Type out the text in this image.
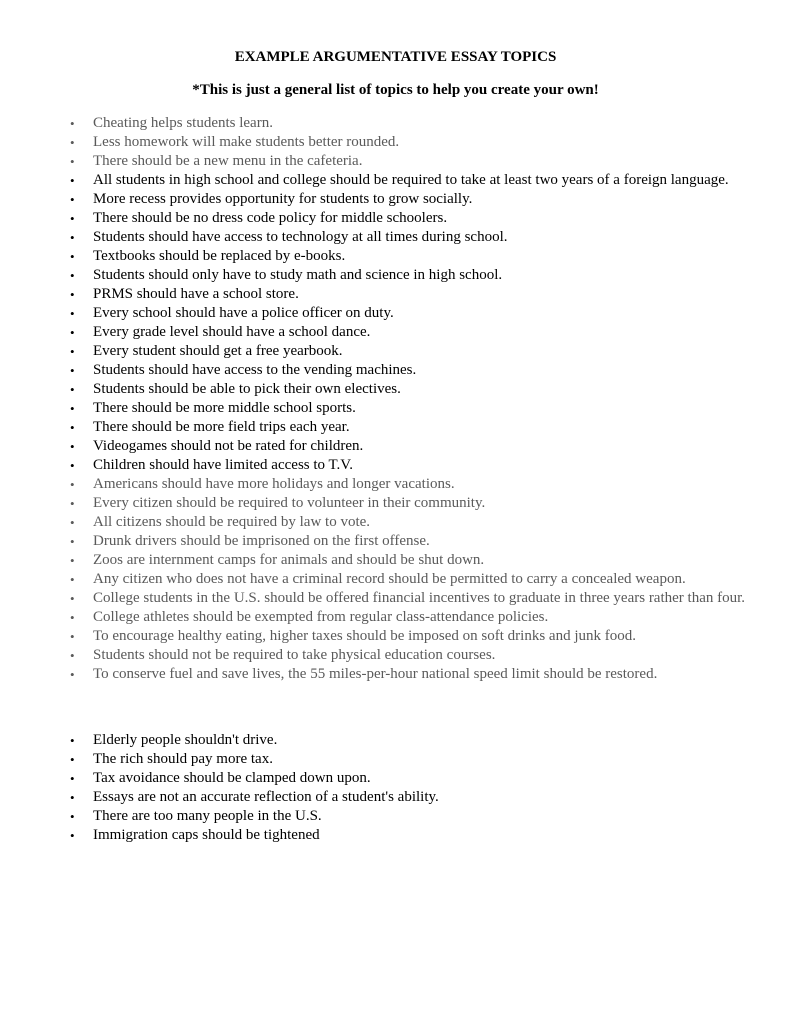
EXAMPLE ARGUMENTATIVE ESSAY TOPICS
*This is just a general list of topics to help you create your own!
• Cheating helps students learn.
• Less homework will make students better rounded.
• There should be a new menu in the cafeteria.
• All students in high school and college should be required to take at least two years of a foreign language.
• More recess provides opportunity for students to grow socially.
• There should be no dress code policy for middle schoolers.
• Students should have access to technology at all times during school.
• Textbooks should be replaced by e-books.
• Students should only have to study math and science in high school.
• PRMS should have a school store.
• Every school should have a police officer on duty.
• Every grade level should have a school dance.
• Every student should get a free yearbook.
• Students should have access to the vending machines.
• Students should be able to pick their own electives.
• There should be more middle school sports.
• There should be more field trips each year.
• Videogames should not be rated for children.
• Children should have limited access to T.V.
• Americans should have more holidays and longer vacations.
• Every citizen should be required to volunteer in their community.
• All citizens should be required by law to vote.
• Drunk drivers should be imprisoned on the first offense.
• Zoos are internment camps for animals and should be shut down.
• Any citizen who does not have a criminal record should be permitted to carry a concealed weapon.
• College students in the U.S. should be offered financial incentives to graduate in three years rather than four.
• College athletes should be exempted from regular class-attendance policies.
• To encourage healthy eating, higher taxes should be imposed on soft drinks and junk food.
• Students should not be required to take physical education courses.
• To conserve fuel and save lives, the 55 miles-per-hour national speed limit should be restored.
• Elderly people shouldn't drive.
• The rich should pay more tax.
• Tax avoidance should be clamped down upon.
• Essays are not an accurate reflection of a student's ability.
• There are too many people in the U.S.
• Immigration caps should be tightened
